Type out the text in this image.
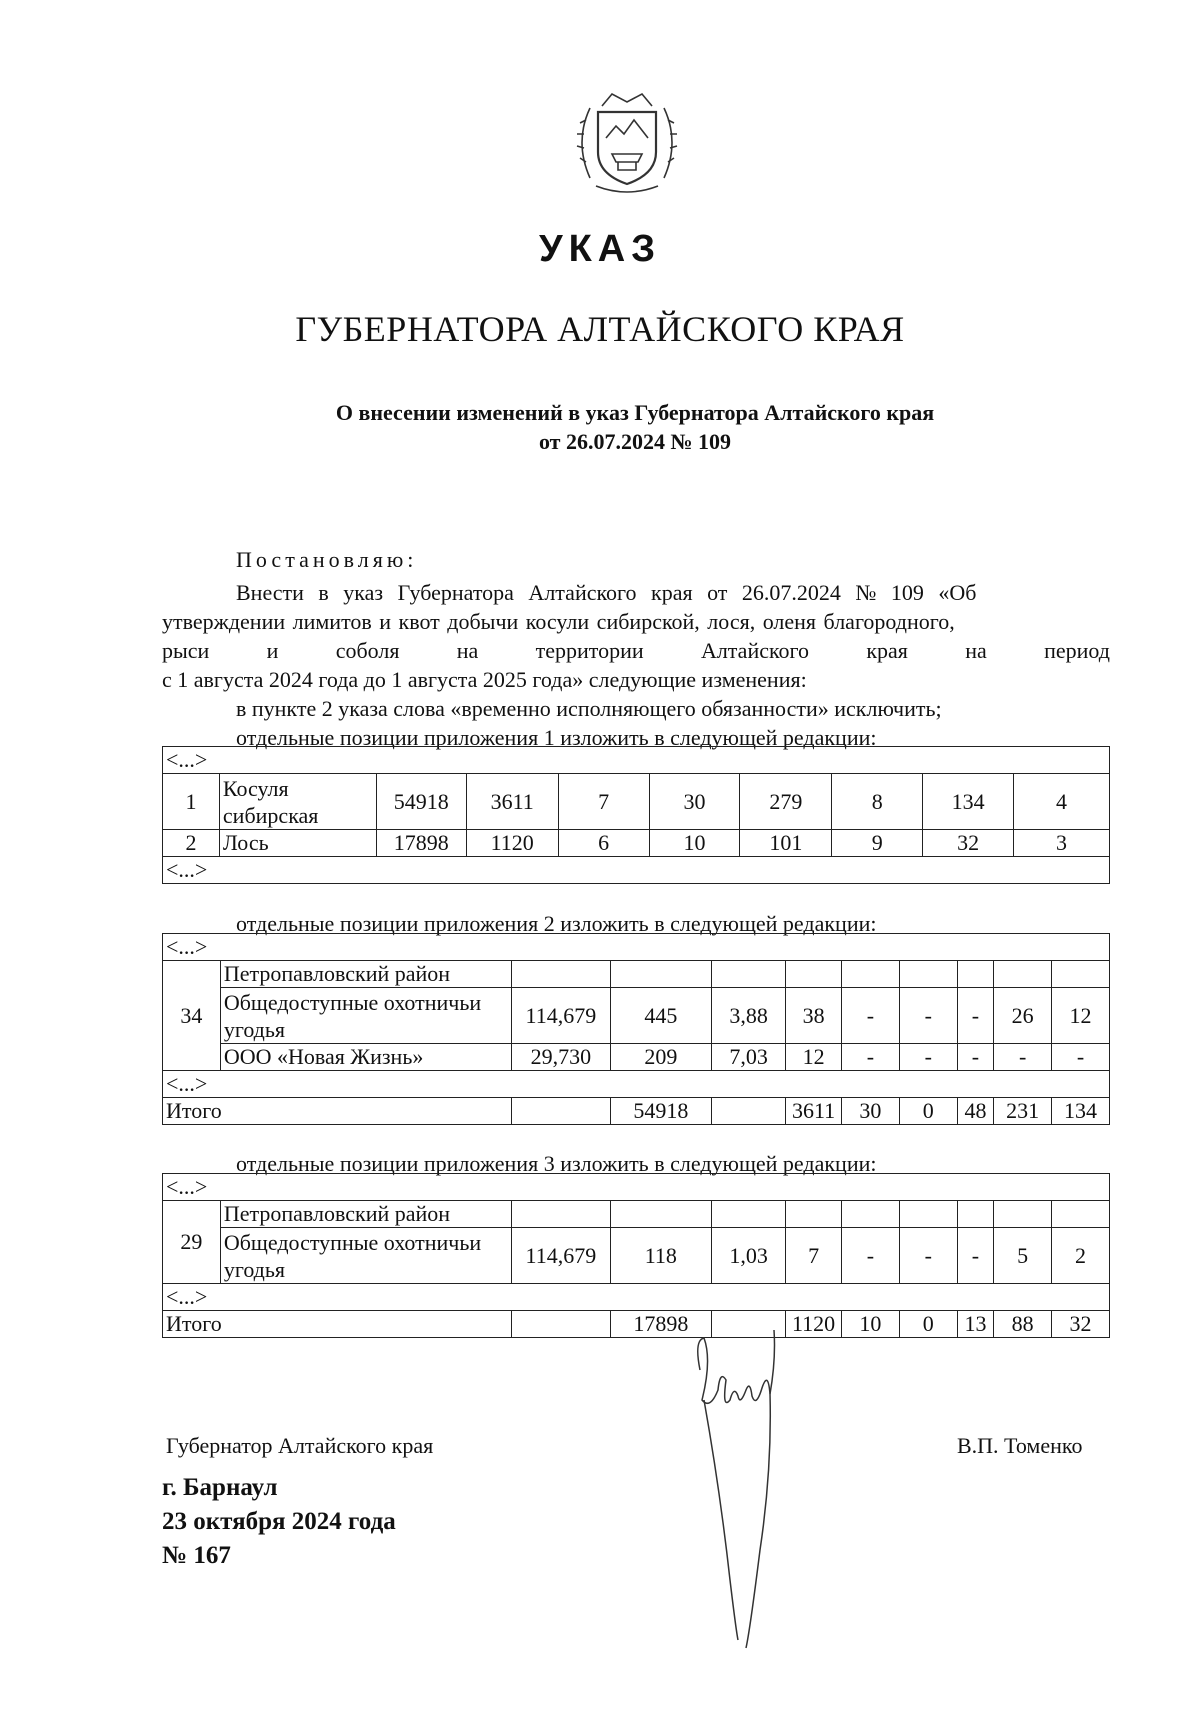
УКАЗ
ГУБЕРНАТОРА АЛТАЙСКОГО КРАЯ
О внесении изменений в указ Губернатора Алтайского края
от 26.07.2024 № 109
Постановляю:
Внести в указ Губернатора Алтайского края от 26.07.2024 № 109 «Об
утверждении лимитов и квот добычи косули сибирской, лося, оленя благородного,
рыси	и	соболя	на	территории	Алтайского	края	на	период
с 1 августа 2024 года до 1 августа 2025 года» следующие изменения:
в пункте 2 указа слова «временно исполняющего обязанности» исключить;
отдельные позиции приложения 1 изложить в следующей редакции:
<...>									
1	Косуля сибирская	54918	3611	7	30	279	8	134	4
2	Лось	17898	1120	6	10	101	9	32	3
<...>									
отдельные позиции приложения 2 изложить в следующей редакции:
<...>										
34	Петропавловский район									
	Общедоступные охотничьи угодья	114,679	445	3,88	38	-	-	-	26	12
	ООО «Новая Жизнь»	29,730	209	7,03	12	-	-	-	-	-
<...>										
Итого			54918		3611	30	0	48	231	134
отдельные позиции приложения 3 изложить в следующей редакции:
<...>										
29	Петропавловский район									
	Общедоступные охотничьи угодья	114,679	118	1,03	7	-	-	-	5	2
<...>										
Итого			17898		1120	10	0	13	88	32
Губернатор Алтайского края	В.П. Томенко
г. Барнаул
23 октября 2024 года
№ 167
